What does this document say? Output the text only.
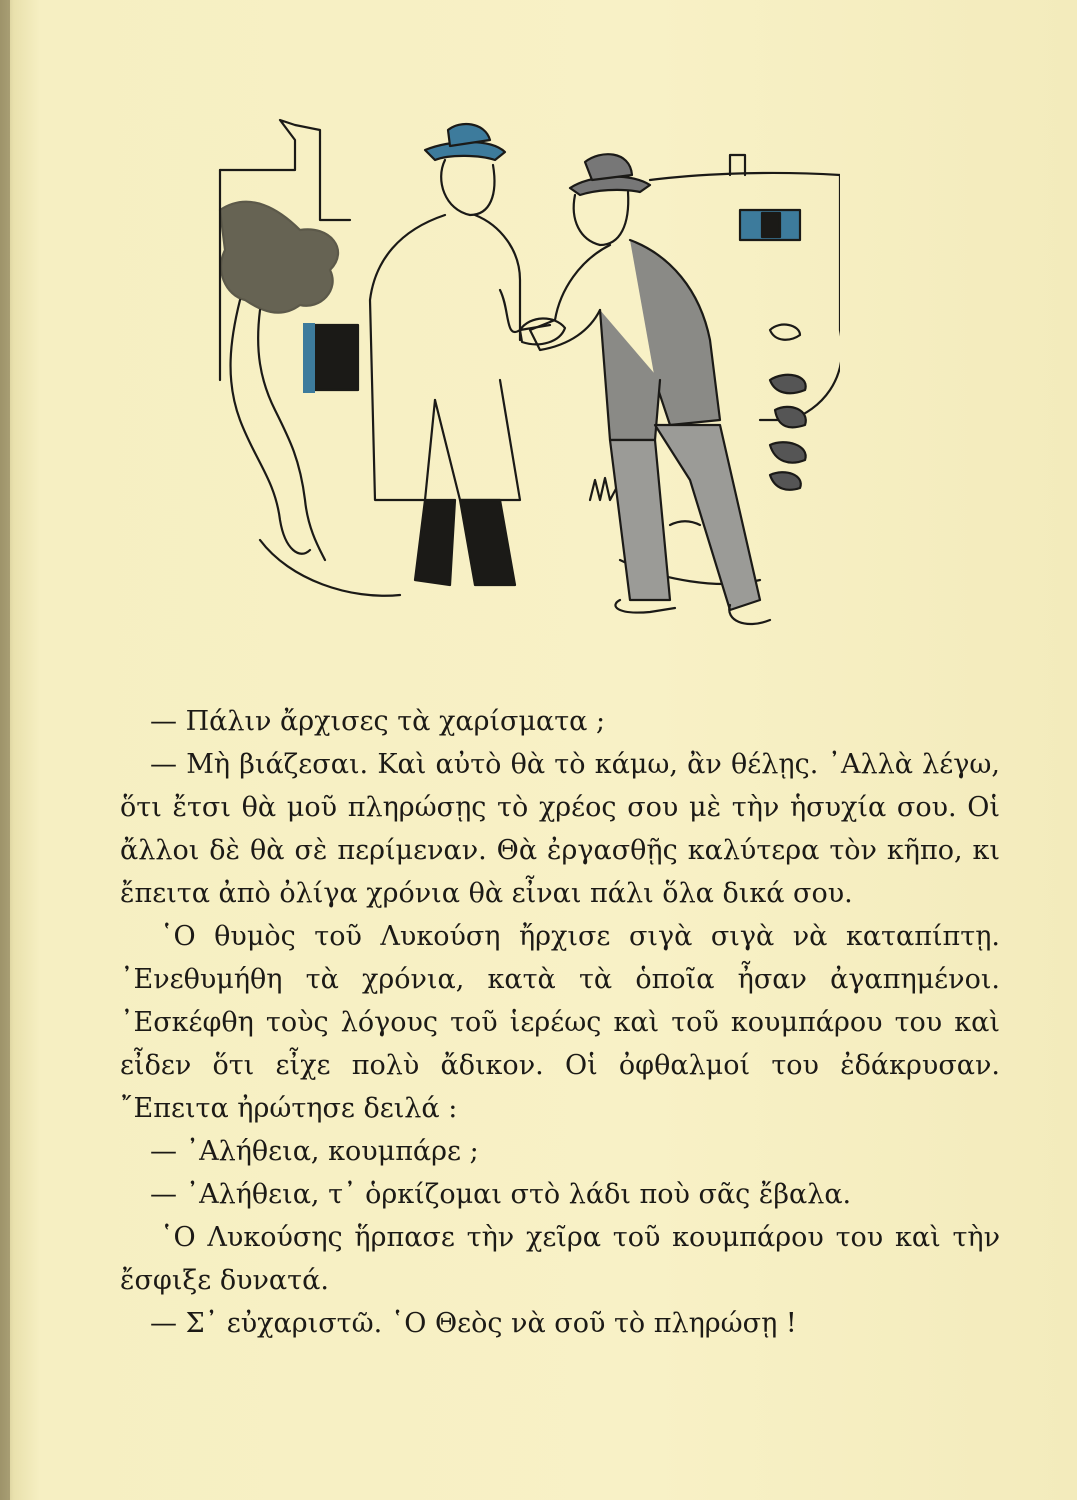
— Πάλιν ἄρχισες τὰ χαρίσματα ;

— Μὴ βιάζεσαι. Καὶ αὐτὸ θὰ τὸ κάμω, ἂν θέλῃς. ᾿Αλλὰ λέγω, ὅτι ἔτσι θὰ μοῦ πληρώσῃς τὸ χρέος σου μὲ τὴν ἡσυχία σου. Οἱ ἄλλοι δὲ θὰ σὲ περίμεναν. Θὰ ἐργασθῇς καλύτερα τὸν κῆπο, κι ἔπειτα ἀπὸ ὀλίγα χρόνια θὰ εἶναι πάλι ὅλα δικά σου.

῾Ο θυμὸς τοῦ Λυκούση ἤρχισε σιγὰ σιγὰ νὰ καταπίπτῃ. ᾿Ενεθυμήθη τὰ χρόνια, κατὰ τὰ ὁποῖα ἦσαν ἀγαπημένοι. ᾿Εσκέφθη τοὺς λόγους τοῦ ἱερέως καὶ τοῦ κουμπάρου του καὶ εἶδεν ὅτι εἶχε πολὺ ἄδικον. Οἱ ὀφθαλμοί του ἐδάκρυσαν. ῎Επειτα ἠρώτησε δειλά :

— ᾿Αλήθεια, κουμπάρε ;

— ᾿Αλήθεια, τ᾿ ὁρκίζομαι στὸ λάδι ποὺ σᾶς ἔβαλα.

῾Ο Λυκούσης ἥρπασε τὴν χεῖρα τοῦ κουμπάρου του καὶ τὴν ἔσφιξε δυνατά.

— Σ᾿ εὐχαριστῶ. ῾Ο Θεὸς νὰ σοῦ τὸ πληρώσῃ !
